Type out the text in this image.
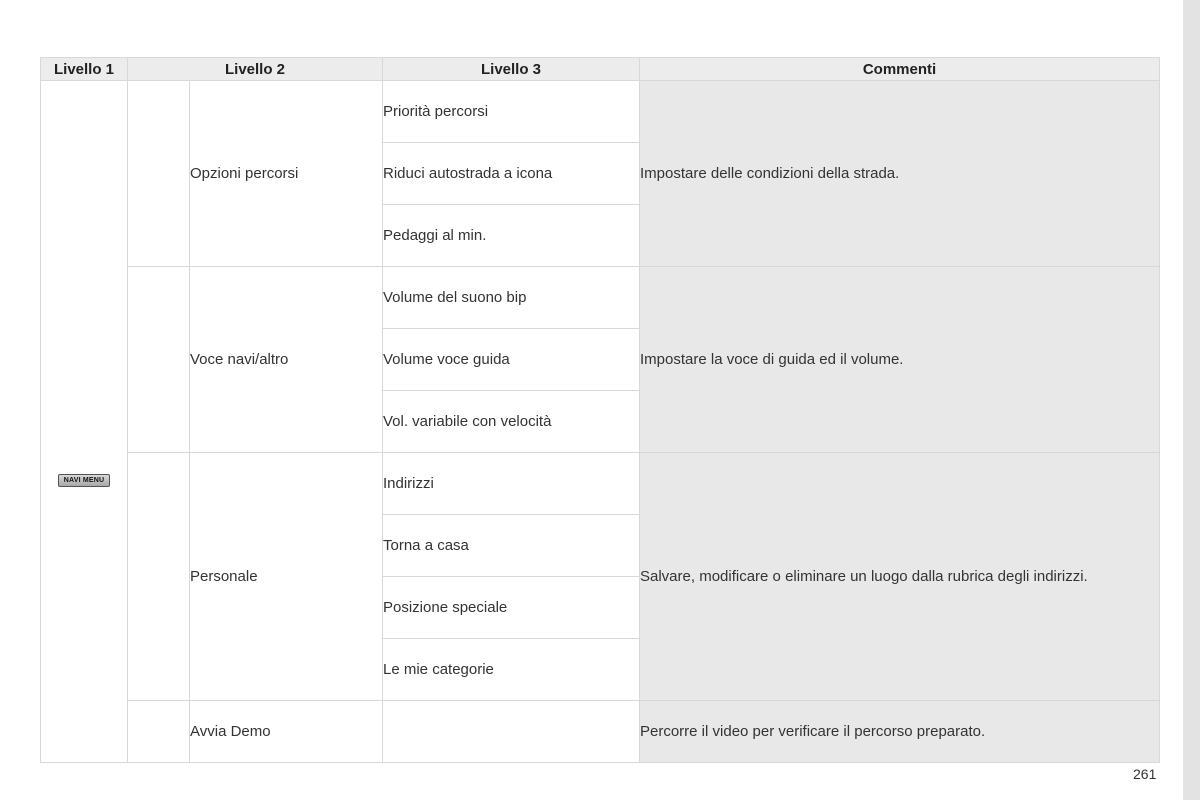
Livello 1	Livello 2		Livello 3	Commenti
NAVI MENU		Opzioni percorsi	Priorità percorsi	Impostare delle condizioni della strada.
			Riduci autostrada a icona	
			Pedaggi al min.	
		Voce navi/altro	Volume del suono bip	Impostare la voce di guida ed il volume.
			Volume voce guida	
			Vol. variabile con velocità	
		Personale	Indirizzi	Salvare, modificare o eliminare un luogo dalla rubrica degli indirizzi.
			Torna a casa	
			Posizione speciale	
			Le mie categorie	
		Avvia Demo		Percorre il video per verificare il percorso preparato.
261
